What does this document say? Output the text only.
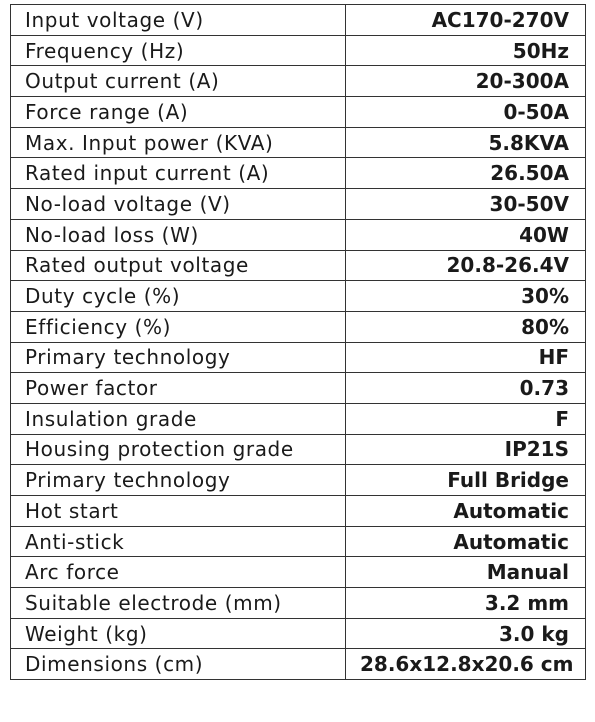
Input voltage (V)	AC170-270V
Frequency (Hz)	50Hz
Output current (A)	20-300A
Force range (A)	0-50A
Max. Input power (KVA)	5.8KVA
Rated input current (A)	26.50A
No-load voltage (V)	30-50V
No-load loss (W)	40W
Rated output voltage	20.8-26.4V
Duty cycle (%)	30%
Efficiency (%)	80%
Primary technology	HF
Power factor	0.73
Insulation grade	F
Housing protection grade	IP21S
Primary technology	Full Bridge
Hot start	Automatic
Anti-stick	Automatic
Arc force	Manual
Suitable electrode (mm)	3.2 mm
Weight (kg)	3.0 kg
Dimensions (cm)	28.6x12.8x20.6 cm
